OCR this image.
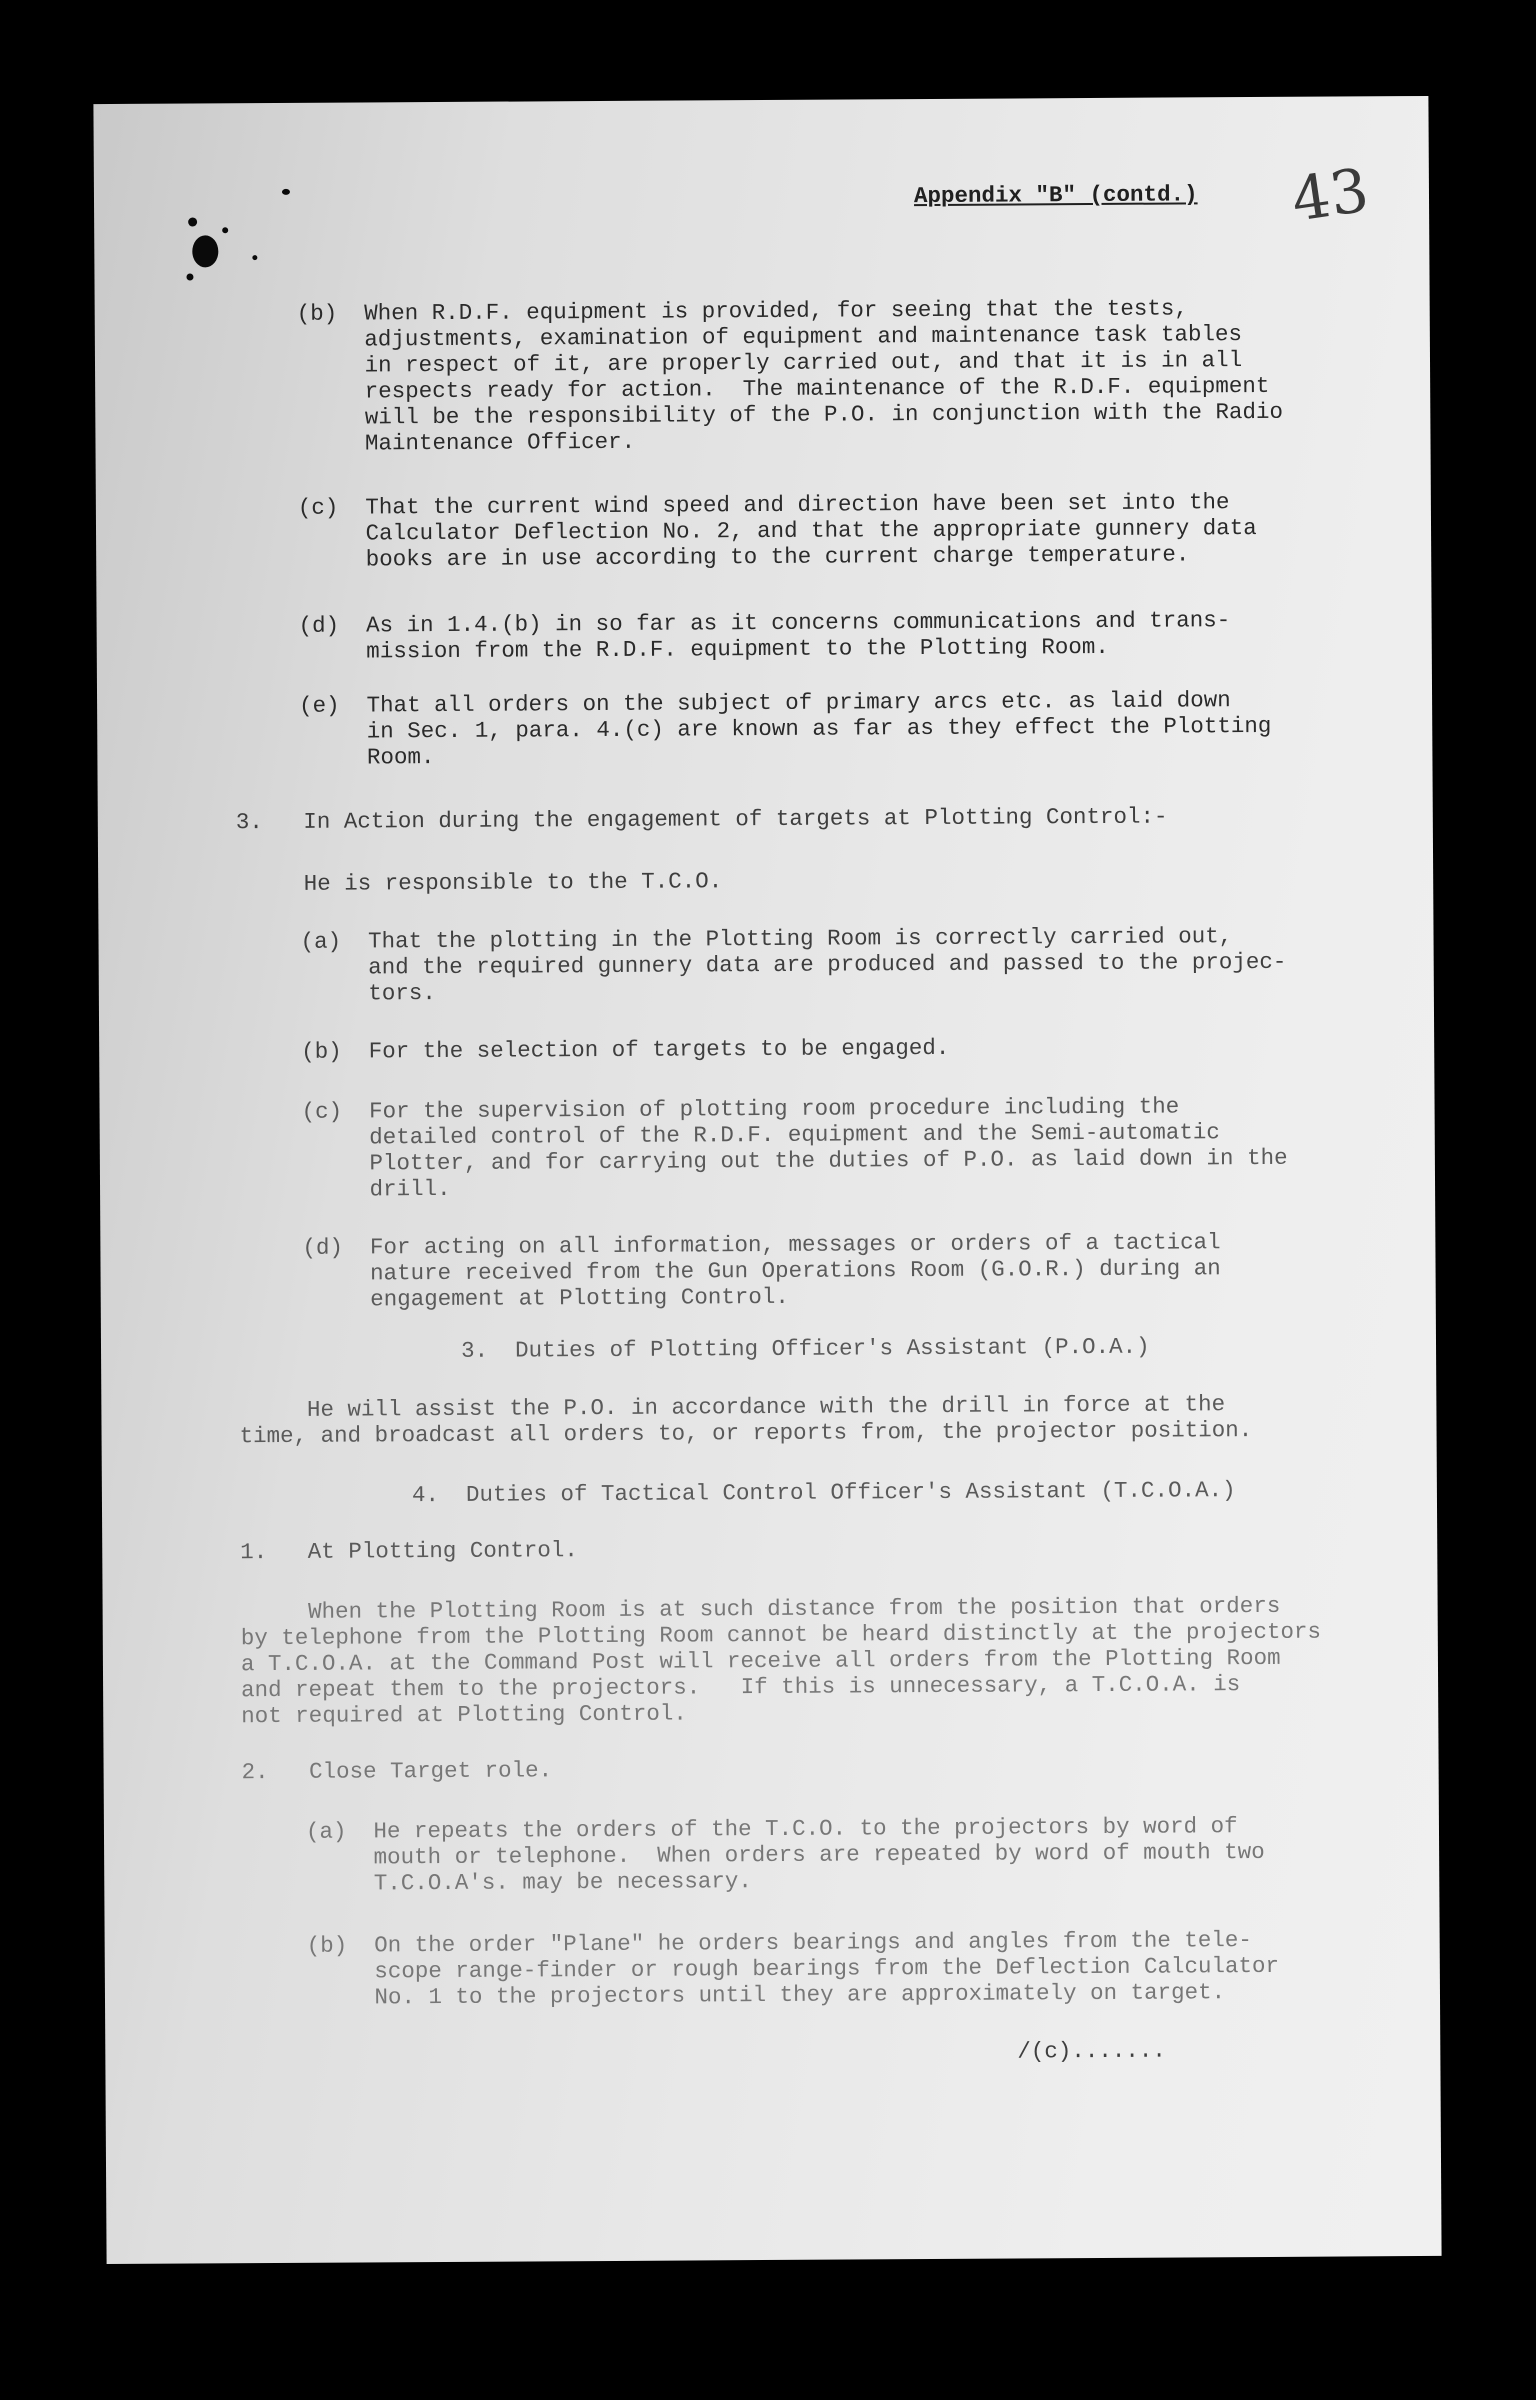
43
Appendix "B" (contd.)
(b)  When R.D.F. equipment is provided, for seeing that the tests,
adjustments, examination of equipment and maintenance task tables
in respect of it, are properly carried out, and that it is in all
respects ready for action.  The maintenance of the R.D.F. equipment
will be the responsibility of the P.O. in conjunction with the Radio
Maintenance Officer.
(c)  That the current wind speed and direction have been set into the
Calculator Deflection No. 2, and that the appropriate gunnery data
books are in use according to the current charge temperature.
(d)  As in 1.4.(b) in so far as it concerns communications and trans-
mission from the R.D.F. equipment to the Plotting Room.
(e)  That all orders on the subject of primary arcs etc. as laid down
in Sec. 1, para. 4.(c) are known as far as they effect the Plotting
Room.
3.   In Action during the engagement of targets at Plotting Control:-
He is responsible to the T.C.O.
(a)  That the plotting in the Plotting Room is correctly carried out,
and the required gunnery data are produced and passed to the projec-
tors.
(b)  For the selection of targets to be engaged.
(c)  For the supervision of plotting room procedure including the
detailed control of the R.D.F. equipment and the Semi-automatic
Plotter, and for carrying out the duties of P.O. as laid down in the
drill.
(d)  For acting on all information, messages or orders of a tactical
nature received from the Gun Operations Room (G.O.R.) during an
engagement at Plotting Control.
3.  Duties of Plotting Officer's Assistant (P.O.A.)
He will assist the P.O. in accordance with the drill in force at the
time, and broadcast all orders to, or reports from, the projector position.
4.  Duties of Tactical Control Officer's Assistant (T.C.O.A.)
1.   At Plotting Control.
When the Plotting Room is at such distance from the position that orders
by telephone from the Plotting Room cannot be heard distinctly at the projectors
a T.C.O.A. at the Command Post will receive all orders from the Plotting Room
and repeat them to the projectors.   If this is unnecessary, a T.C.O.A. is
not required at Plotting Control.
2.   Close Target role.
(a)  He repeats the orders of the T.C.O. to the projectors by word of
mouth or telephone.  When orders are repeated by word of mouth two
T.C.O.A's. may be necessary.
(b)  On the order "Plane" he orders bearings and angles from the tele-
scope range-finder or rough bearings from the Deflection Calculator
No. 1 to the projectors until they are approximately on target.
/(c).......
